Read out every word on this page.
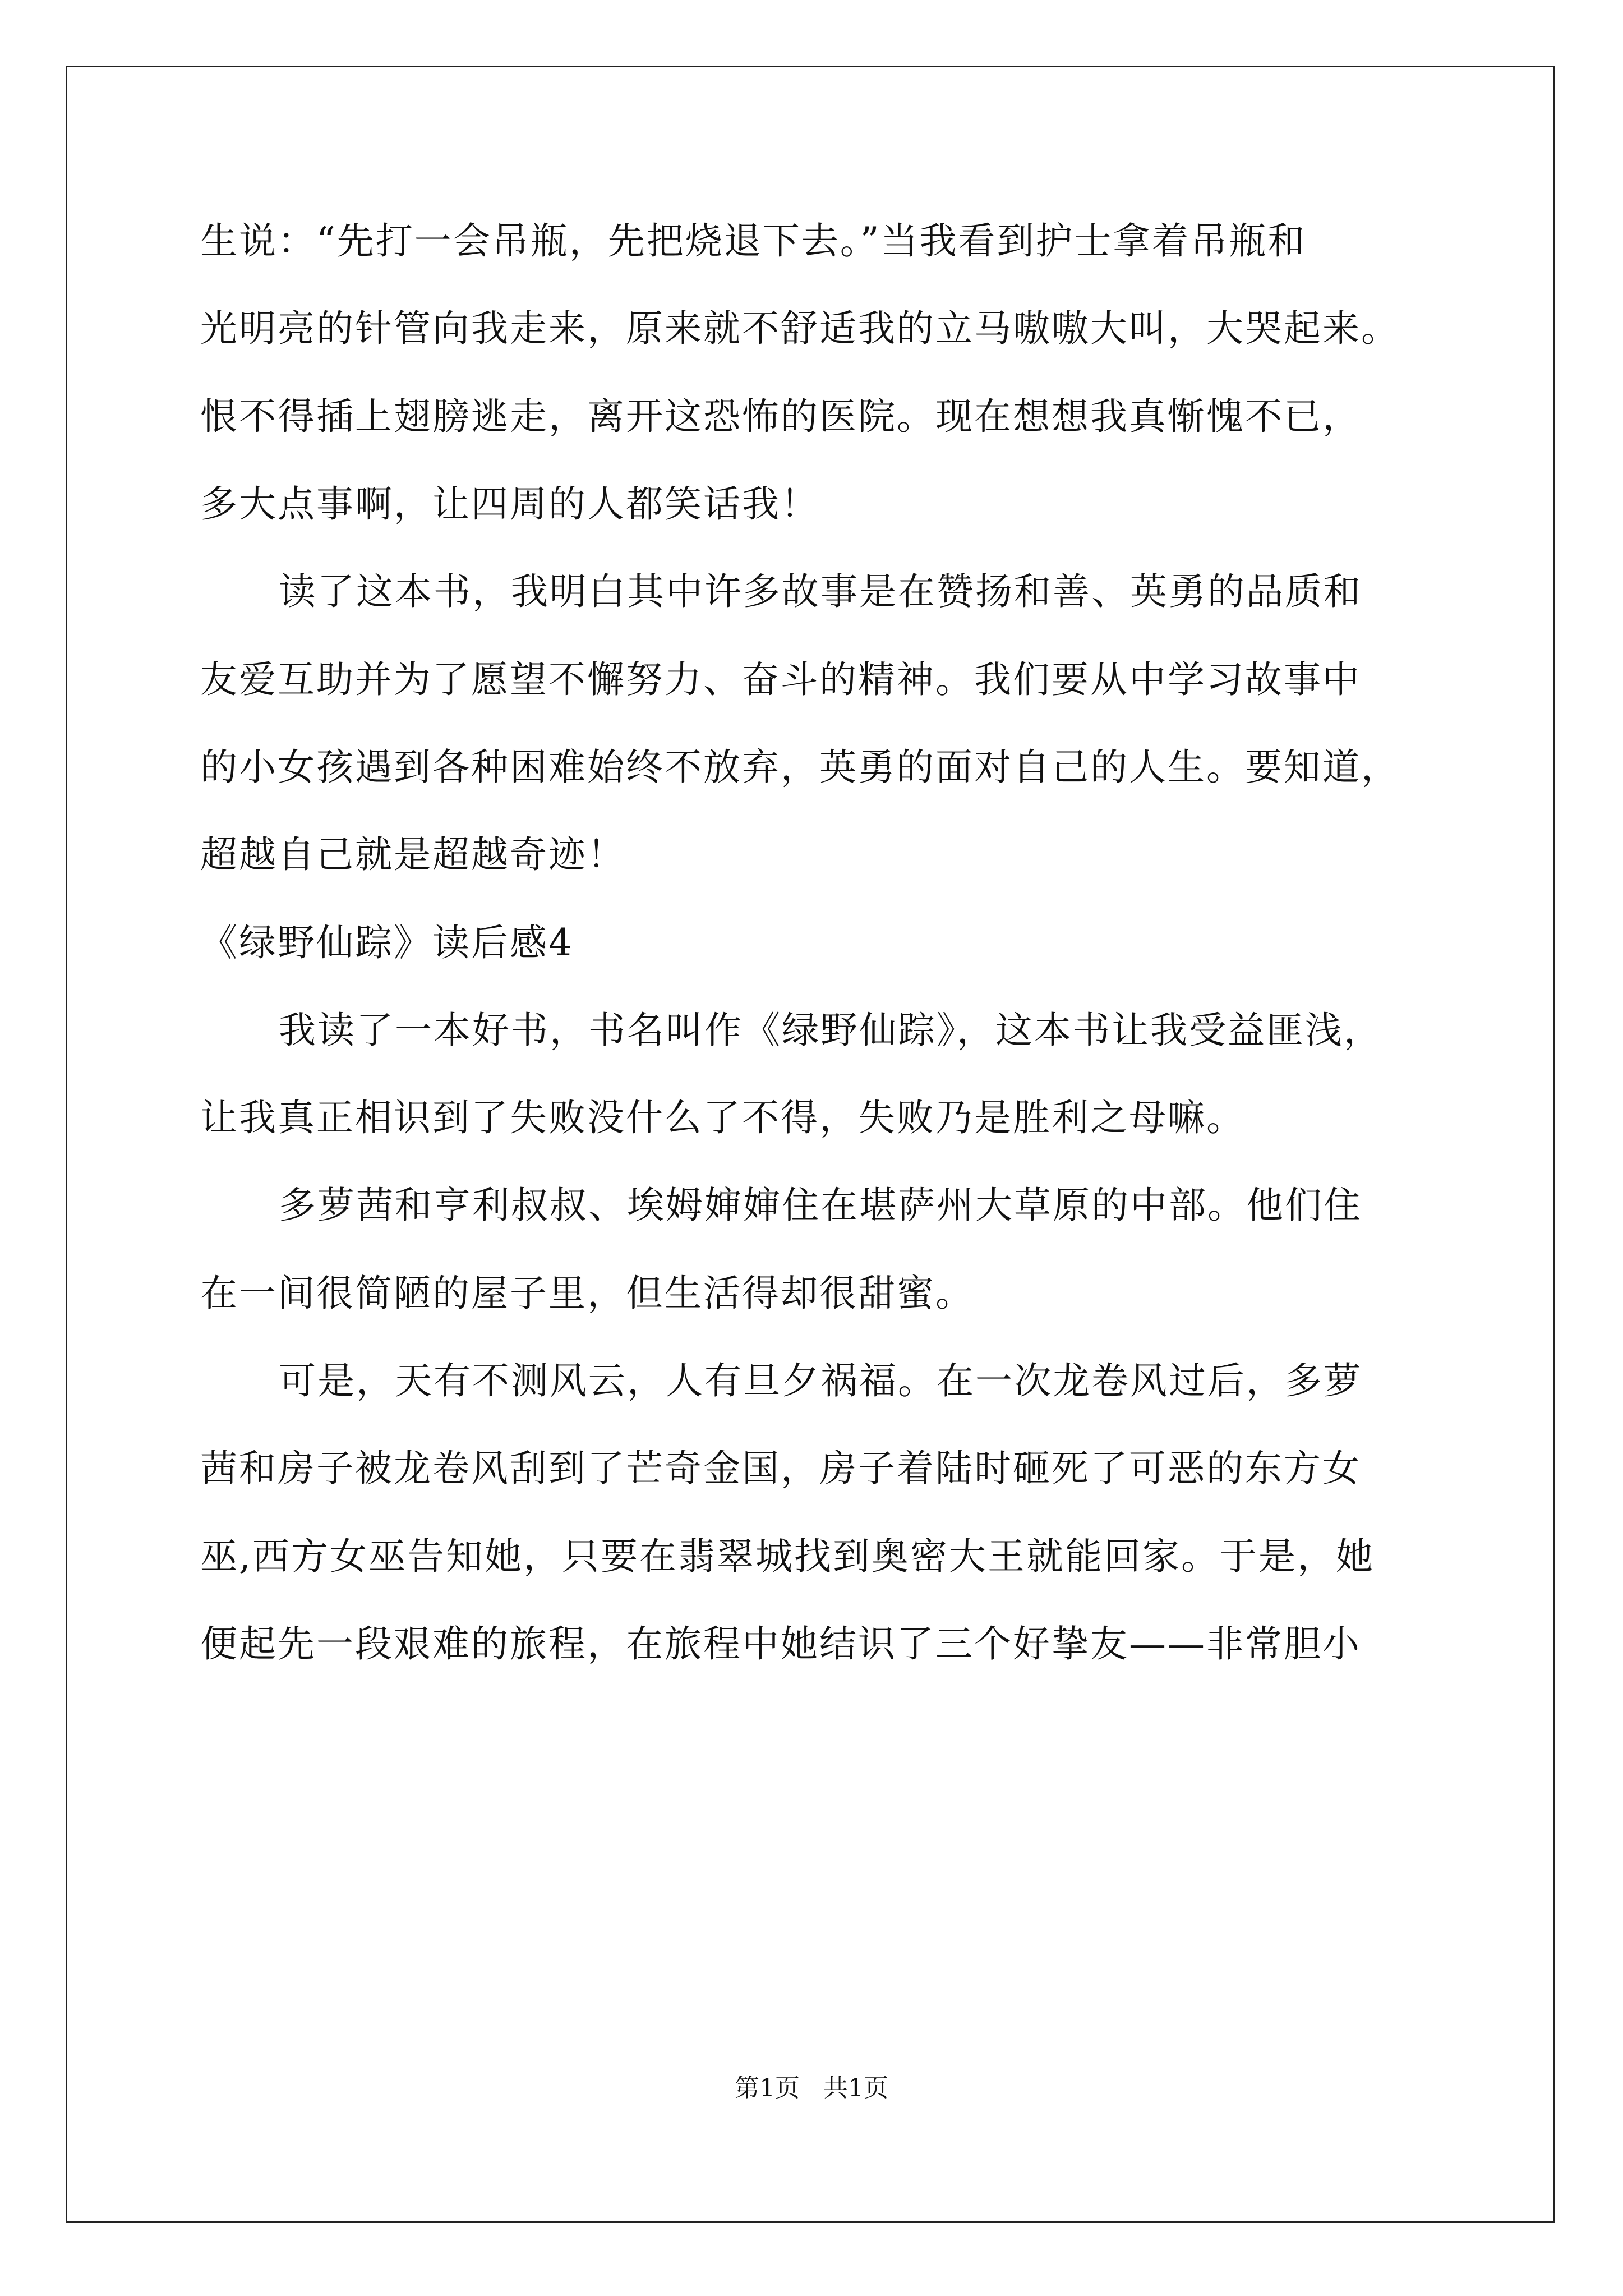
生说：“先打一会吊瓶，先把烧退下去。”当我看到护士拿着吊瓶和
光明亮的针管向我走来，原来就不舒适我的立马嗷嗷大叫，大哭起来。
恨不得插上翅膀逃走，离开这恐怖的医院。现在想想我真惭愧不已，
多大点事啊，让四周的人都笑话我！
读了这本书，我明白其中许多故事是在赞扬和善、英勇的品质和
友爱互助并为了愿望不懈努力、奋斗的精神。我们要从中学习故事中
的小女孩遇到各种困难始终不放弃，英勇的面对自己的人生。要知道，
超越自己就是超越奇迹！
《绿野仙踪》读后感4
我读了一本好书，书名叫作《绿野仙踪》，这本书让我受益匪浅，
让我真正相识到了失败没什么了不得，失败乃是胜利之母嘛。
多萝茜和亨利叔叔、埃姆婶婶住在堪萨州大草原的中部。他们住
在一间很简陋的屋子里，但生活得却很甜蜜。
可是，天有不测风云，人有旦夕祸福。在一次龙卷风过后，多萝
茜和房子被龙卷风刮到了芒奇金国，房子着陆时砸死了可恶的东方女
巫,西方女巫告知她，只要在翡翠城找到奥密大王就能回家。于是，她
便起先一段艰难的旅程，在旅程中她结识了三个好挚友——非常胆小
第1页   共1页
